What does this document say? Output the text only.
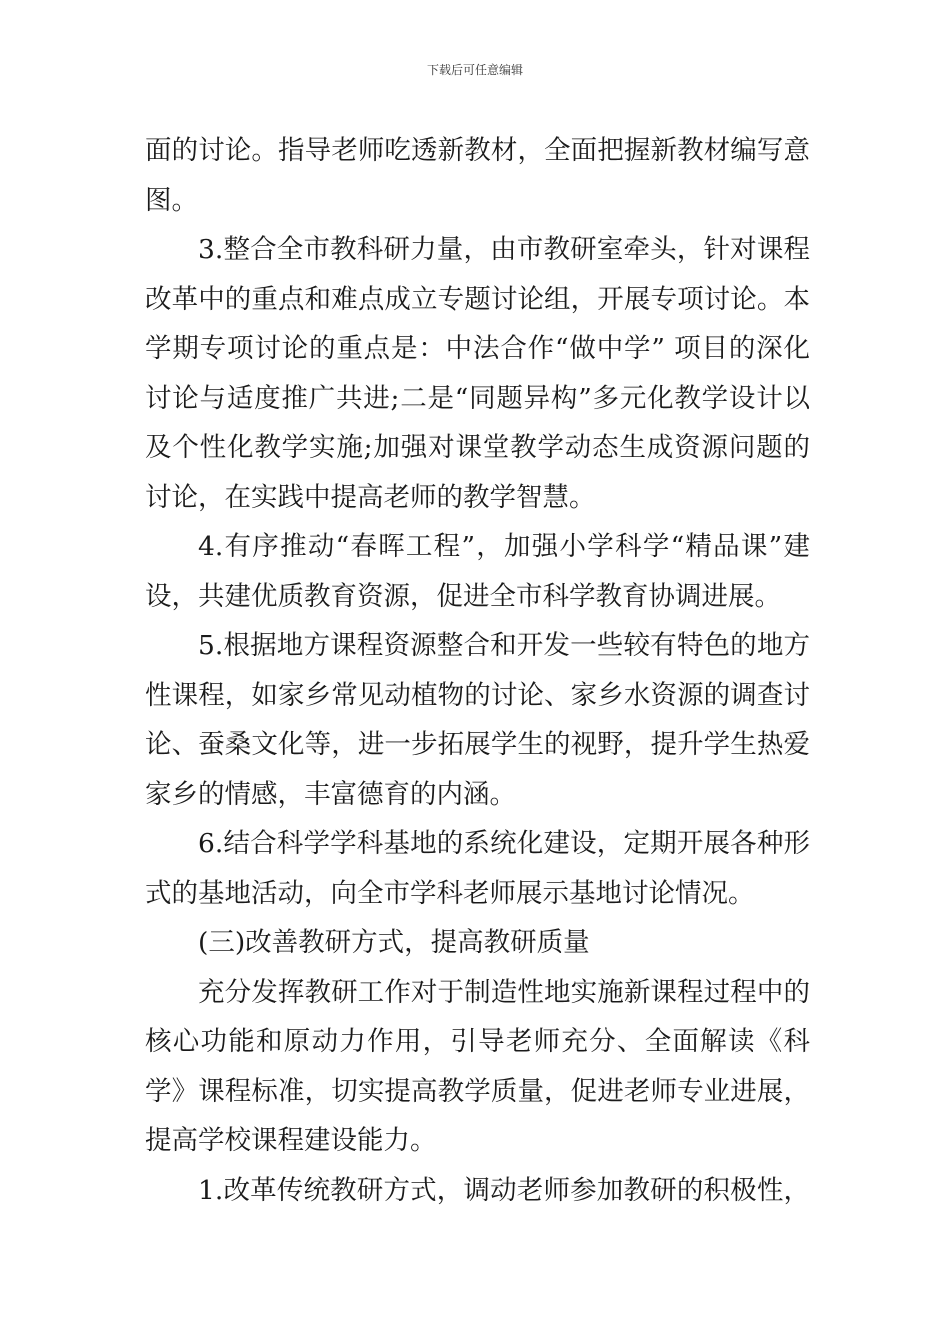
下载后可任意编辑

面的讨论。指导老师吃透新教材，全面把握新教材编写意图。

3.整合全市教科研力量，由市教研室牵头，针对课程改革中的重点和难点成立专题讨论组，开展专项讨论。本学期专项讨论的重点是：中法合作“做中学” 项目的深化讨论与适度推广共进;二是“同题异构”多元化教学设计以及个性化教学实施;加强对课堂教学动态生成资源问题的讨论，在实践中提高老师的教学智慧。

4.有序推动“春晖工程”，加强小学科学“精品课”建设，共建优质教育资源，促进全市科学教育协调进展。

5.根据地方课程资源整合和开发一些较有特色的地方性课程，如家乡常见动植物的讨论、家乡水资源的调查讨论、蚕桑文化等，进一步拓展学生的视野，提升学生热爱家乡的情感，丰富德育的内涵。

6.结合科学学科基地的系统化建设，定期开展各种形式的基地活动，向全市学科老师展示基地讨论情况。

(三)改善教研方式，提高教研质量

充分发挥教研工作对于制造性地实施新课程过程中的核心功能和原动力作用，引导老师充分、全面解读《科学》课程标准，切实提高教学质量，促进老师专业进展，提高学校课程建设能力。

1.改革传统教研方式，调动老师参加教研的积极性，
